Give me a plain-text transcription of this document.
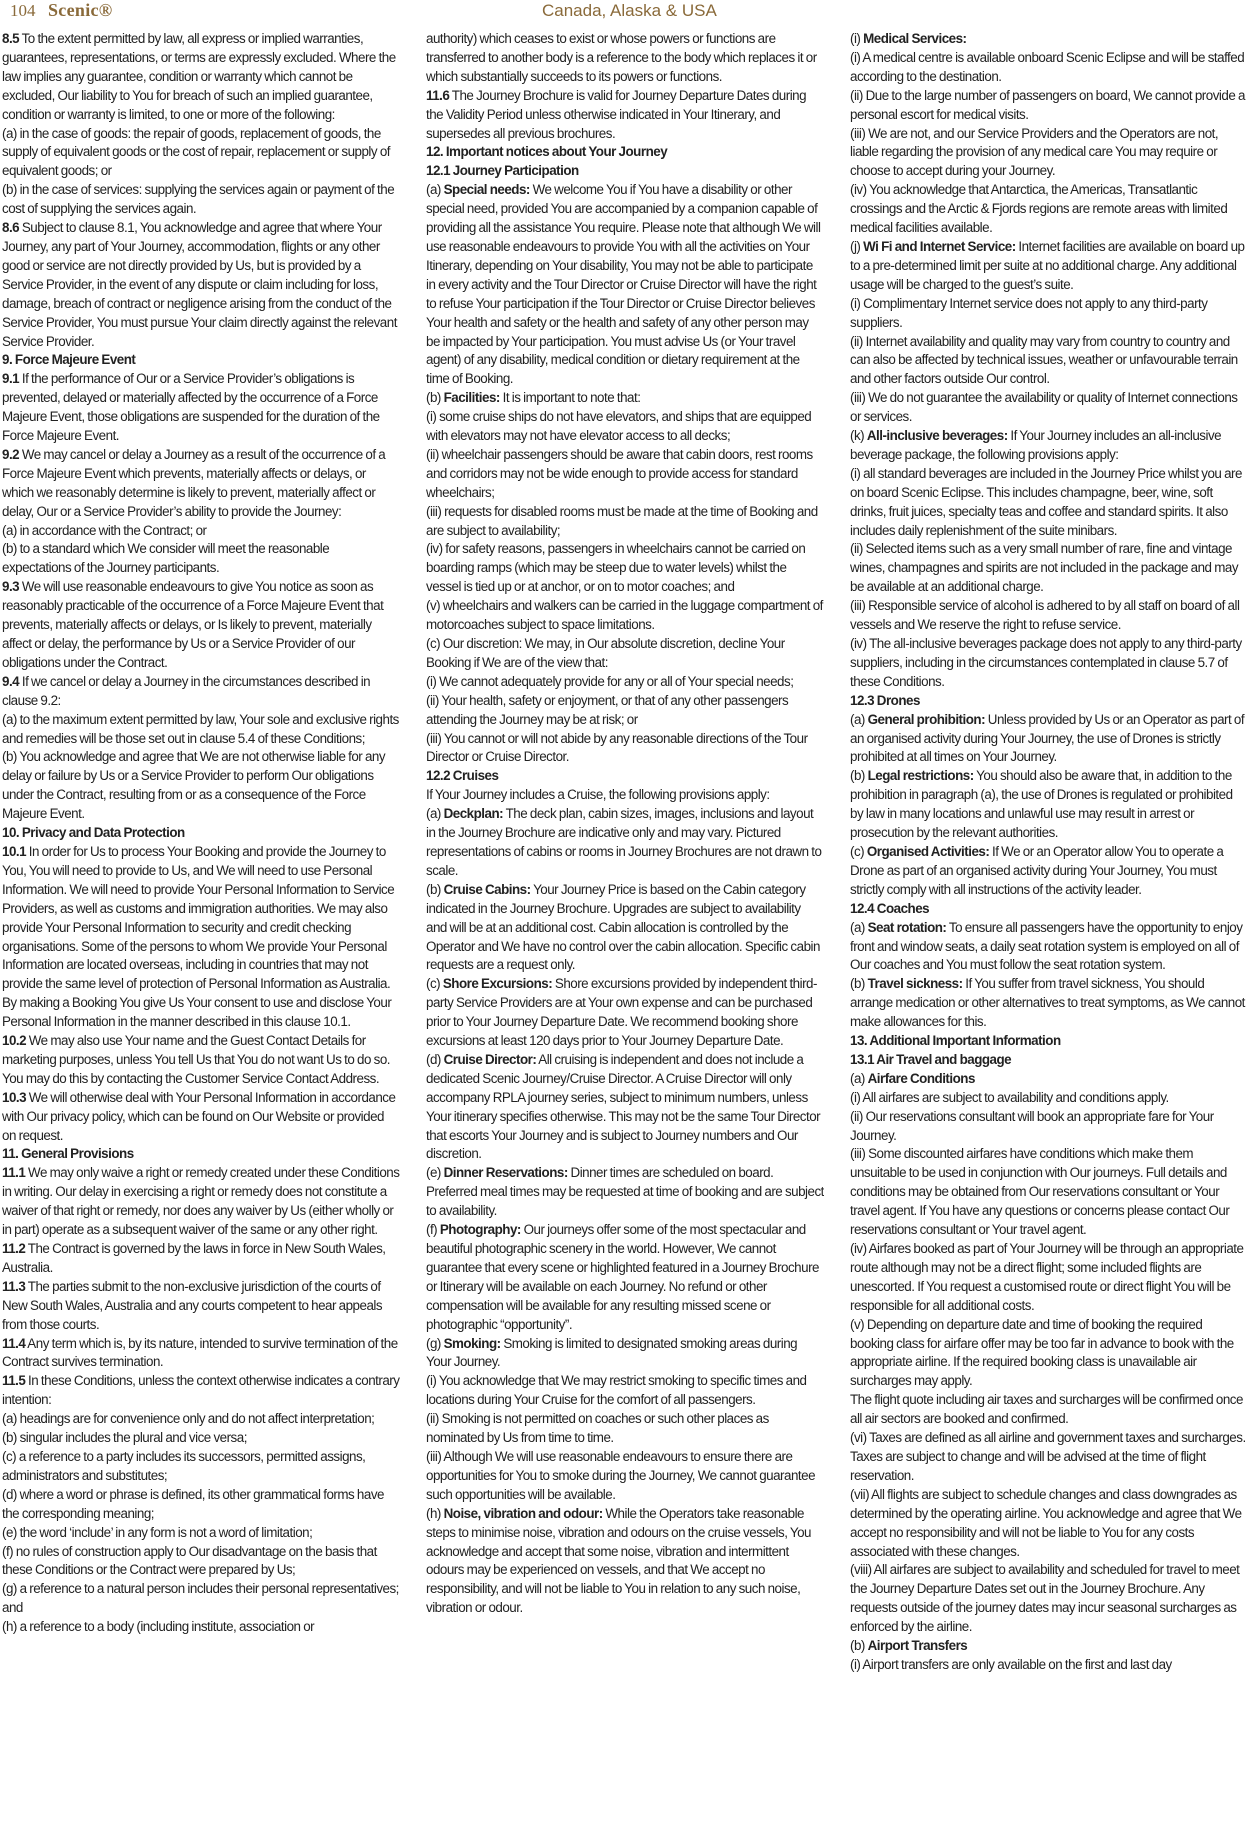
104 Scenic®	Canada, Alaska & USA

8.5 To the extent permitted by law, all express or implied warranties, guarantees, representations, or terms are expressly excluded. Where the law implies any guarantee, condition or warranty which cannot be excluded, Our liability to You for breach of such an implied guarantee, condition or warranty is limited, to one or more of the following:

(a) in the case of goods: the repair of goods, replacement of goods, the supply of equivalent goods or the cost of repair, replacement or supply of equivalent goods; or

(b) in the case of services: supplying the services again or payment of the cost of supplying the services again.

8.6 Subject to clause 8.1, You acknowledge and agree that where Your Journey, any part of Your Journey, accommodation, flights or any other good or service are not directly provided by Us, but is provided by a Service Provider, in the event of any dispute or claim including for loss, damage, breach of contract or negligence arising from the conduct of the Service Provider, You must pursue Your claim directly against the relevant Service Provider.

9. Force Majeure Event

9.1 If the performance of Our or a Service Provider’s obligations is prevented, delayed or materially affected by the occurrence of a Force Majeure Event, those obligations are suspended for the duration of the Force Majeure Event.

9.2 We may cancel or delay a Journey as a result of the occurrence of a Force Majeure Event which prevents, materially affects or delays, or which we reasonably determine is likely to prevent, materially affect or delay, Our or a Service Provider’s ability to provide the Journey:

(a) in accordance with the Contract; or

(b) to a standard which We consider will meet the reasonable expectations of the Journey participants.

9.3 We will use reasonable endeavours to give You notice as soon as reasonably practicable of the occurrence of a Force Majeure Event that prevents, materially affects or delays, or Is likely to prevent, materially affect or delay, the performance by Us or a Service Provider of our obligations under the Contract.

9.4 If we cancel or delay a Journey in the circumstances described in clause 9.2:

(a) to the maximum extent permitted by law, Your sole and exclusive rights and remedies will be those set out in clause 5.4 of these Conditions;

(b) You acknowledge and agree that We are not otherwise liable for any delay or failure by Us or a Service Provider to perform Our obligations under the Contract, resulting from or as a consequence of the Force Majeure Event.

10. Privacy and Data Protection

10.1 In order for Us to process Your Booking and provide the Journey to You, You will need to provide to Us, and We will need to use Personal Information. We will need to provide Your Personal Information to Service Providers, as well as customs and immigration authorities. We may also provide Your Personal Information to security and credit checking organisations. Some of the persons to whom We provide Your Personal Information are located overseas, including in countries that may not provide the same level of protection of Personal Information as Australia. By making a Booking You give Us Your consent to use and disclose Your Personal Information in the manner described in this clause 10.1.

10.2 We may also use Your name and the Guest Contact Details for marketing purposes, unless You tell Us that You do not want Us to do so. You may do this by contacting the Customer Service Contact Address.

10.3 We will otherwise deal with Your Personal Information in accordance with Our privacy policy, which can be found on Our Website or provided on request.

11. General Provisions

11.1 We may only waive a right or remedy created under these Conditions in writing. Our delay in exercising a right or remedy does not constitute a waiver of that right or remedy, nor does any waiver by Us (either wholly or in part) operate as a subsequent waiver of the same or any other right.

11.2 The Contract is governed by the laws in force in New South Wales, Australia.

11.3 The parties submit to the non-exclusive jurisdiction of the courts of New South Wales, Australia and any courts competent to hear appeals from those courts.

11.4 Any term which is, by its nature, intended to survive termination of the Contract survives termination.

11.5 In these Conditions, unless the context otherwise indicates a contrary intention:

(a) headings are for convenience only and do not affect interpretation;

(b) singular includes the plural and vice versa;

(c) a reference to a party includes its successors, permitted assigns, administrators and substitutes;

(d) where a word or phrase is defined, its other grammatical forms have the corresponding meaning;

(e) the word ‘include’ in any form is not a word of limitation;

(f) no rules of construction apply to Our disadvantage on the basis that these Conditions or the Contract were prepared by Us;

(g) a reference to a natural person includes their personal representatives; and

(h) a reference to a body (including institute, association or

authority) which ceases to exist or whose powers or functions are transferred to another body is a reference to the body which replaces it or which substantially succeeds to its powers or functions.

11.6 The Journey Brochure is valid for Journey Departure Dates during the Validity Period unless otherwise indicated in Your Itinerary, and supersedes all previous brochures.

12. Important notices about Your Journey

12.1 Journey Participation

(a) Special needs: We welcome You if You have a disability or other special need, provided You are accompanied by a companion capable of providing all the assistance You require. Please note that although We will use reasonable endeavours to provide You with all the activities on Your Itinerary, depending on Your disability, You may not be able to participate in every activity and the Tour Director or Cruise Director will have the right to refuse Your participation if the Tour Director or Cruise Director believes Your health and safety or the health and safety of any other person may be impacted by Your participation. You must advise Us (or Your travel agent) of any disability, medical condition or dietary requirement at the time of Booking.

(b) Facilities: It is important to note that:

(i) some cruise ships do not have elevators, and ships that are equipped with elevators may not have elevator access to all decks;

(ii) wheelchair passengers should be aware that cabin doors, rest rooms and corridors may not be wide enough to provide access for standard wheelchairs;

(iii) requests for disabled rooms must be made at the time of Booking and are subject to availability;

(iv) for safety reasons, passengers in wheelchairs cannot be carried on boarding ramps (which may be steep due to water levels) whilst the vessel is tied up or at anchor, or on to motor coaches; and

(v) wheelchairs and walkers can be carried in the luggage compartment of motorcoaches subject to space limitations.

(c) Our discretion: We may, in Our absolute discretion, decline Your Booking if We are of the view that:

(i) We cannot adequately provide for any or all of Your special needs;

(ii) Your health, safety or enjoyment, or that of any other passengers attending the Journey may be at risk; or

(iii) You cannot or will not abide by any reasonable directions of the Tour Director or Cruise Director.

12.2 Cruises

If Your Journey includes a Cruise, the following provisions apply:

(a) Deckplan: The deck plan, cabin sizes, images, inclusions and layout in the Journey Brochure are indicative only and may vary. Pictured representations of cabins or rooms in Journey Brochures are not drawn to scale.

(b) Cruise Cabins: Your Journey Price is based on the Cabin category indicated in the Journey Brochure. Upgrades are subject to availability and will be at an additional cost. Cabin allocation is controlled by the Operator and We have no control over the cabin allocation. Specific cabin requests are a request only.

(c) Shore Excursions: Shore excursions provided by independent third-party Service Providers are at Your own expense and can be purchased prior to Your Journey Departure Date. We recommend booking shore excursions at least 120 days prior to Your Journey Departure Date.

(d) Cruise Director: All cruising is independent and does not include a dedicated Scenic Journey/Cruise Director. A Cruise Director will only accompany RPLA journey series, subject to minimum numbers, unless Your itinerary specifies otherwise. This may not be the same Tour Director that escorts Your Journey and is subject to Journey numbers and Our discretion.

(e) Dinner Reservations: Dinner times are scheduled on board. Preferred meal times may be requested at time of booking and are subject to availability.

(f) Photography: Our journeys offer some of the most spectacular and beautiful photographic scenery in the world. However, We cannot guarantee that every scene or highlighted featured in a Journey Brochure or Itinerary will be available on each Journey. No refund or other compensation will be available for any resulting missed scene or photographic “opportunity”.

(g) Smoking: Smoking is limited to designated smoking areas during Your Journey.

(i) You acknowledge that We may restrict smoking to specific times and locations during Your Cruise for the comfort of all passengers.

(ii) Smoking is not permitted on coaches or such other places as nominated by Us from time to time.

(iii) Although We will use reasonable endeavours to ensure there are opportunities for You to smoke during the Journey, We cannot guarantee such opportunities will be available.

(h) Noise, vibration and odour: While the Operators take reasonable steps to minimise noise, vibration and odours on the cruise vessels, You acknowledge and accept that some noise, vibration and intermittent odours may be experienced on vessels, and that We accept no responsibility, and will not be liable to You in relation to any such noise, vibration or odour.

(i) Medical Services:

(i) A medical centre is available onboard Scenic Eclipse and will be staffed according to the destination.

(ii) Due to the large number of passengers on board, We cannot provide a personal escort for medical visits.

(iii) We are not, and our Service Providers and the Operators are not, liable regarding the provision of any medical care You may require or choose to accept during your Journey.

(iv) You acknowledge that Antarctica, the Americas, Transatlantic crossings and the Arctic & Fjords regions are remote areas with limited medical facilities available.

(j) Wi Fi and Internet Service: Internet facilities are available on board up to a pre-determined limit per suite at no additional charge. Any additional usage will be charged to the guest’s suite.

(i) Complimentary Internet service does not apply to any third-party suppliers.

(ii) Internet availability and quality may vary from country to country and can also be affected by technical issues, weather or unfavourable terrain and other factors outside Our control.

(iii) We do not guarantee the availability or quality of Internet connections or services.

(k) All-inclusive beverages: If Your Journey includes an all-inclusive beverage package, the following provisions apply:

(i) all standard beverages are included in the Journey Price whilst you are on board Scenic Eclipse. This includes champagne, beer, wine, soft drinks, fruit juices, specialty teas and coffee and standard spirits. It also includes daily replenishment of the suite minibars.

(ii) Selected items such as a very small number of rare, fine and vintage wines, champagnes and spirits are not included in the package and may be available at an additional charge.

(iii) Responsible service of alcohol is adhered to by all staff on board of all vessels and We reserve the right to refuse service.

(iv) The all-inclusive beverages package does not apply to any third-party suppliers, including in the circumstances contemplated in clause 5.7 of these Conditions.

12.3 Drones

(a) General prohibition: Unless provided by Us or an Operator as part of an organised activity during Your Journey, the use of Drones is strictly prohibited at all times on Your Journey.

(b) Legal restrictions: You should also be aware that, in addition to the prohibition in paragraph (a), the use of Drones is regulated or prohibited by law in many locations and unlawful use may result in arrest or prosecution by the relevant authorities.

(c) Organised Activities: If We or an Operator allow You to operate a Drone as part of an organised activity during Your Journey, You must strictly comply with all instructions of the activity leader.

12.4 Coaches

(a) Seat rotation: To ensure all passengers have the opportunity to enjoy front and window seats, a daily seat rotation system is employed on all of Our coaches and You must follow the seat rotation system.

(b) Travel sickness: If You suffer from travel sickness, You should arrange medication or other alternatives to treat symptoms, as We cannot make allowances for this.

13. Additional Important Information

13.1 Air Travel and baggage

(a) Airfare Conditions

(i) All airfares are subject to availability and conditions apply.

(ii) Our reservations consultant will book an appropriate fare for Your Journey.

(iii) Some discounted airfares have conditions which make them unsuitable to be used in conjunction with Our journeys. Full details and conditions may be obtained from Our reservations consultant or Your travel agent. If You have any questions or concerns please contact Our reservations consultant or Your travel agent.

(iv) Airfares booked as part of Your Journey will be through an appropriate route although may not be a direct flight; some included flights are unescorted. If You request a customised route or direct flight You will be responsible for all additional costs.

(v) Depending on departure date and time of booking the required booking class for airfare offer may be too far in advance to book with the appropriate airline. If the required booking class is unavailable air surcharges may apply.

The flight quote including air taxes and surcharges will be confirmed once all air sectors are booked and confirmed.

(vi) Taxes are defined as all airline and government taxes and surcharges. Taxes are subject to change and will be advised at the time of flight reservation.

(vii) All flights are subject to schedule changes and class downgrades as determined by the operating airline. You acknowledge and agree that We accept no responsibility and will not be liable to You for any costs associated with these changes.

(viii) All airfares are subject to availability and scheduled for travel to meet the Journey Departure Dates set out in the Journey Brochure. Any requests outside of the journey dates may incur seasonal surcharges as enforced by the airline.

(b) Airport Transfers

(i) Airport transfers are only available on the first and last day
